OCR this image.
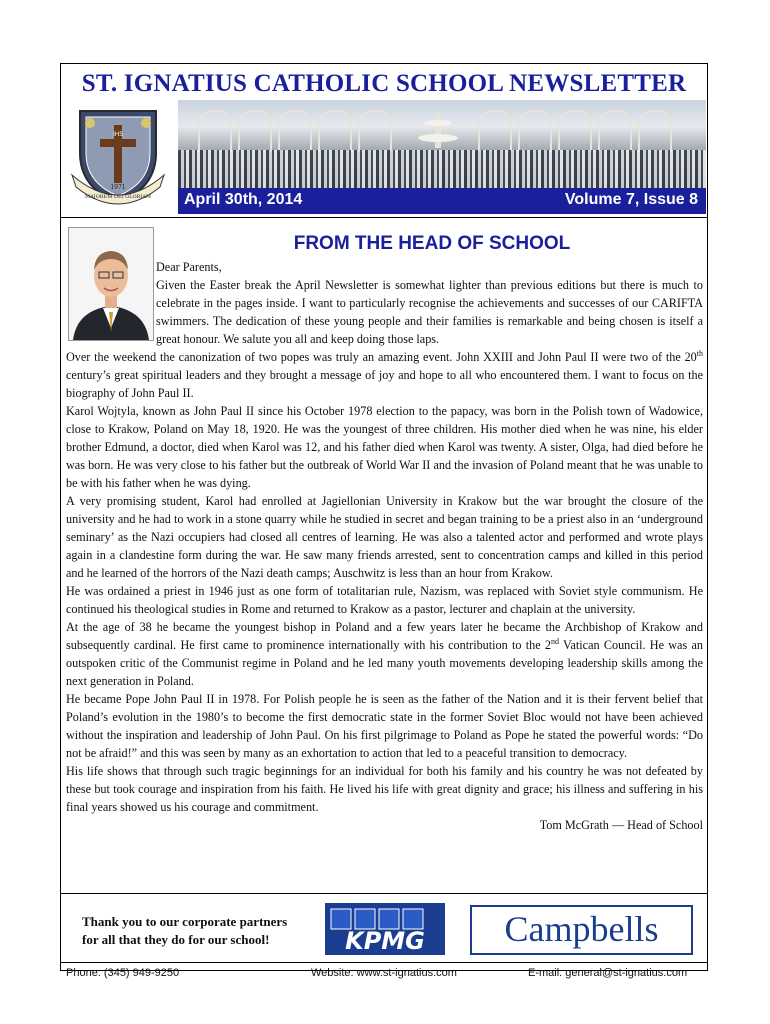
ST. IGNATIUS CATHOLIC SCHOOL NEWSLETTER
IHS
MAJOREM DEI GLORIAM
1971
April 30th, 2014	Volume 7, Issue 8
FROM THE HEAD OF SCHOOL

Dear Parents,

Given the Easter break the April Newsletter is somewhat lighter than previous editions but there is much to celebrate in the pages inside. I want to particularly recognise the achievements and successes of our CARIFTA swimmers. The dedication of these young people and their families is remarkable and being chosen is itself a great honour. We salute you all and keep doing those laps.

Over the weekend the canonization of two popes was truly an amazing event. John XXIII and John Paul II were two of the 20th century’s great spiritual leaders and they brought a message of joy and hope to all who encountered them. I want to focus on the biography of John Paul II.

Karol Wojtyla, known as John Paul II since his October 1978 election to the papacy, was born in the Polish town of Wadowice, close to Krakow, Poland on May 18, 1920. He was the youngest of three children. His mother died when he was nine, his elder brother Edmund, a doctor, died when Karol was 12, and his father died when Karol was twenty. A sister, Olga, had died before he was born. He was very close to his father but the outbreak of World War II and the invasion of Poland meant that he was unable to be with his father when he was dying.

A very promising student, Karol had enrolled at Jagiellonian University in Krakow but the war brought the closure of the university and he had to work in a stone quarry while he studied in secret and began training to be a priest also in an ‘underground seminary’ as the Nazi occupiers had closed all centres of learning. He was also a talented actor and performed and wrote plays again in a clandestine form during the war. He saw many friends arrested, sent to concentration camps and killed in this period and he learned of the horrors of the Nazi death camps; Auschwitz is less than an hour from Krakow.

He was ordained a priest in 1946 just as one form of totalitarian rule, Nazism, was replaced with Soviet style communism. He continued his theological studies in Rome and returned to Krakow as a pastor, lecturer and chaplain at the university.

At the age of 38 he became the youngest bishop in Poland and a few years later he became the Archbishop of Krakow and subsequently cardinal. He first came to prominence internationally with his contribution to the 2nd Vatican Council. He was an outspoken critic of the Communist regime in Poland and he led many youth movements developing leadership skills among the next generation in Poland.

He became Pope John Paul II in 1978. For Polish people he is seen as the father of the Nation and it is their fervent belief that Poland’s evolution in the 1980’s to become the first democratic state in the former Soviet Bloc would not have been achieved without the inspiration and leadership of John Paul. On his first pilgrimage to Poland as Pope he stated the powerful words: “Do not be afraid!” and this was seen by many as an exhortation to action that led to a peaceful transition to democracy.

His life shows that through such tragic beginnings for an individual for both his family and his country he was not defeated by these but took courage and inspiration from his faith. He lived his life with great dignity and grace; his illness and suffering in his final years showed us his courage and commitment.

Tom McGrath — Head of School

Thank you to our corporate partners
for all that they do for our school!	KPMG	Campbells
Phone: (345) 949-9250	Website: www.st-ignatius.com	E-mail: general@st-ignatius.com
